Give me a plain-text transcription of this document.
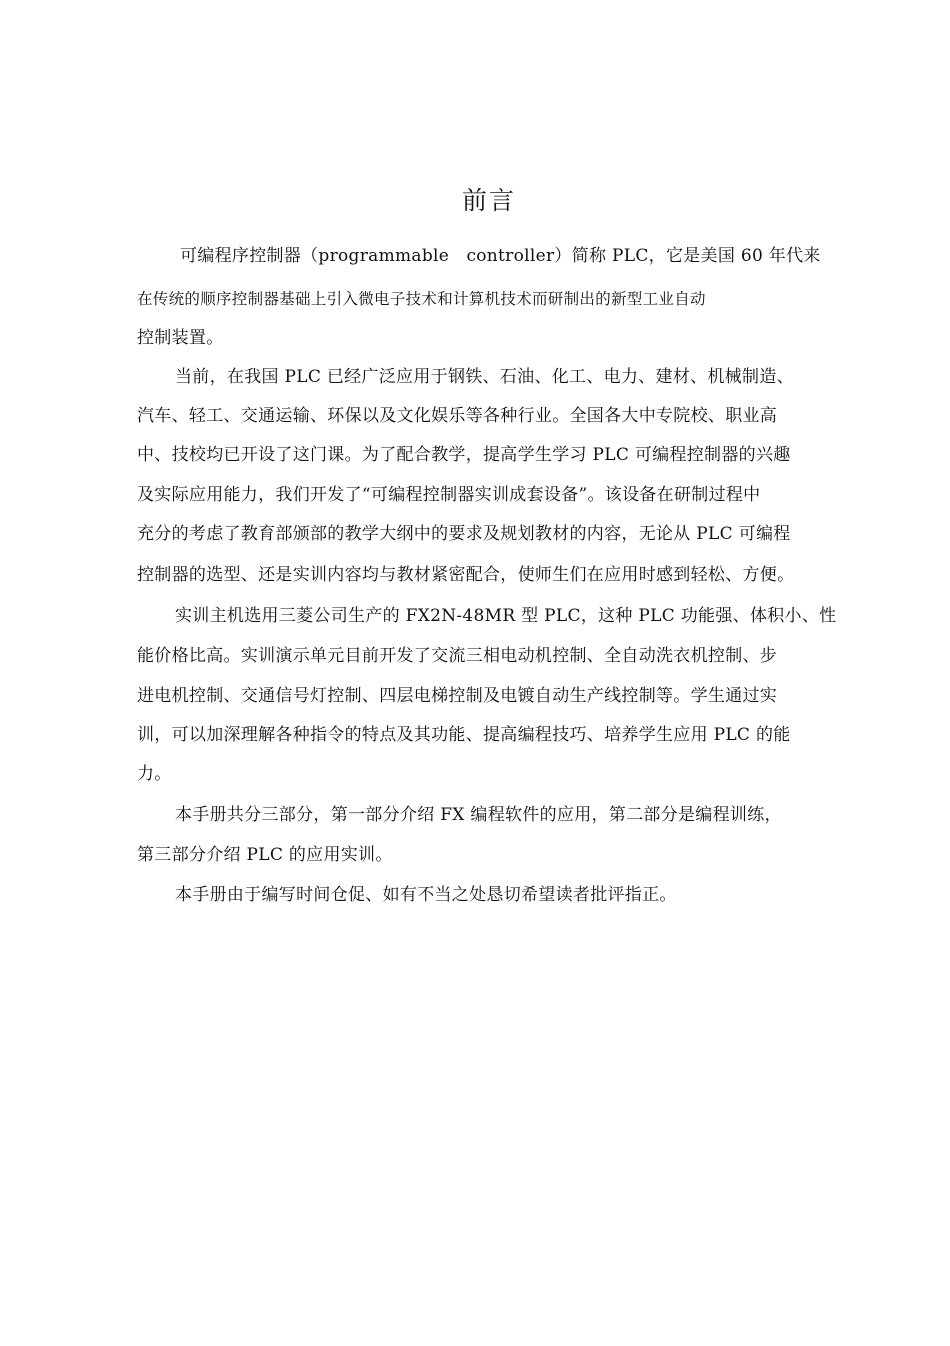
前言
可编程序控制器（programmable　controller）简称 PLC，它是美国 60 年代来
在传统的顺序控制器基础上引入微电子技术和计算机技术而研制出的新型工业自动
控制装置。
当前，在我国 PLC 已经广泛应用于钢铁、石油、化工、电力、建材、机械制造、
汽车、轻工、交通运输、环保以及文化娱乐等各种行业。全国各大中专院校、职业高
中、技校均已开设了这门课。为了配合教学，提高学生学习 PLC 可编程控制器的兴趣
及实际应用能力，我们开发了“可编程控制器实训成套设备”。该设备在研制过程中
充分的考虑了教育部颁部的教学大纲中的要求及规划教材的内容，无论从 PLC 可编程
控制器的选型、还是实训内容均与教材紧密配合，使师生们在应用时感到轻松、方便。
实训主机选用三菱公司生产的 FX2N-48MR 型 PLC，这种 PLC 功能强、体积小、性
能价格比高。实训演示单元目前开发了交流三相电动机控制、全自动洗衣机控制、步
进电机控制、交通信号灯控制、四层电梯控制及电镀自动生产线控制等。学生通过实
训，可以加深理解各种指令的特点及其功能、提高编程技巧、培养学生应用 PLC 的能
力。
本手册共分三部分，第一部分介绍 FX 编程软件的应用，第二部分是编程训练，
第三部分介绍 PLC 的应用实训。
本手册由于编写时间仓促、如有不当之处恳切希望读者批评指正。
